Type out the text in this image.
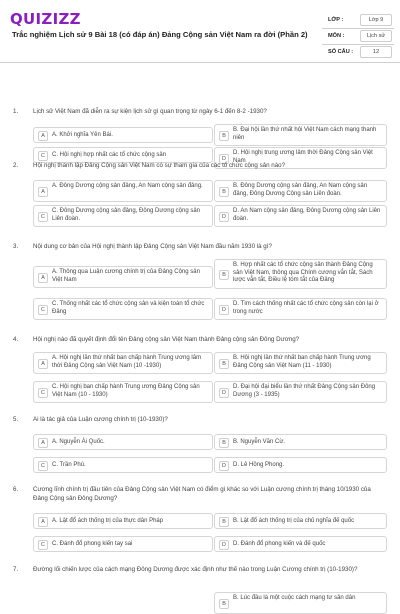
QUIZIZZ
Trắc nghiệm Lịch sử 9 Bài 18 (có đáp án) Đảng Cộng sản Việt Nam ra đời (Phần 2)
LỚP :	Lớp 9
MÔN :	Lịch sử
SỐ CÂU :	12
1. Lịch sử Việt Nam đã diễn ra sự kiện lịch sử gì quan trọng từ ngày 6-1 đến 8-2 -1930?
A	A. Khởi nghĩa Yên Bái.	B
B. Đại hội lần thứ nhất hội Việt Nam cách mạng thanh niên
C	C. Hội nghị hợp nhất các tổ chức cộng sản
D
D. Hội nghị trung ương lâm thời Đảng Cộng sản Việt Nam
2. Hội nghị thành lập Đảng Cộng sản Việt Nam có sự tham gia của các tổ chức cộng sản nào?
A
A. Đông Dương cộng sản đảng, An Nam cộng sản đảng.
B
B. Đông Dương cộng sản đảng, An Nam cộng sản đảng, Đông Dương Cộng sản Liên đoàn.
C
C. Đông Dương cộng sản đảng, Đông Dương cộng sản Liên đoàn.	D
D. An Nam cộng sản đảng, Đông Dương cộng sản Liên đoàn.
3. Nội dung cơ bản của Hội nghị thành lập Đảng Cộng sản Việt Nam đầu năm 1930 là gì?
A
A. Thông qua Luận cương chính trị của Đảng Cộng sản Việt Nam
B
B. Hợp nhất các tổ chức cộng sản thành Đảng Cộng sản Việt Nam, thông qua Chính cương vắn tắt, Sách lược vắn tắt, Điều lệ tóm tắt của Đảng
C
C. Thống nhất các tổ chức cộng sản và kiện toàn tổ chức Đảng	D
D. Tìm cách thống nhất các tổ chức cộng sản còn lại ở trong nước
4. Hội nghị nào đã quyết định đổi tên Đảng cộng sản Việt Nam thành Đảng cộng sản Đông Dương?
A
A. Hội nghị lần thứ nhất ban chấp hành Trung ương lâm thời Đảng Cộng sản Việt Nam (10 -1930)	B
B. Hội nghị lần thứ nhất ban chấp hành Trung ương Đảng Cộng sản Việt Nam (11 - 1930)
C
C. Hội nghị ban chấp hành Trung ương Đảng Cộng sản Việt Nam (10 - 1930)	D
D. Đại hội đại biểu lần thứ nhất Đảng Cộng sản Đông Dương (3 - 1935)
5. Ai là tác giả của Luận cương chính trị (10-1930)?
A	A. Nguyễn Ái Quốc.	B	B. Nguyễn Văn Cừ.
C	C. Trần Phú.	D	D. Lê Hồng Phong.
6. Cương lĩnh chính trị đầu tiên của Đảng Cộng sản Việt Nam có điểm gì khác so với Luận cương chính trị tháng 10/1930 của Đảng Cộng sản Đông Dương?
A	A. Lật đổ ách thống trị của thực dân Pháp	B	B. Lật đổ ách thống trị của chủ nghĩa đế quốc
C	C. Đánh đổ phong kiến tay sai	D	D. Đánh đổ phong kiến và đế quốc
7. Đường lối chiến lược của cách mạng Đông Dương được xác định như thế nào trong Luận Cương chính trị (10-1930)?
B
B. Lúc đầu là một cuộc cách mạng tư sản dân
